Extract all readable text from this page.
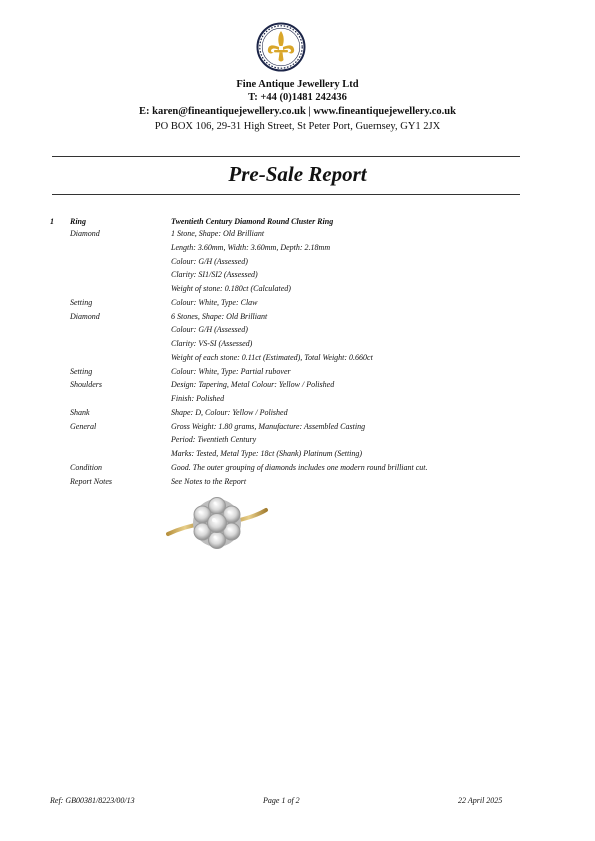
Fine Antique Jewellery Ltd
T: +44 (0)1481 242436
E: karen@fineantiquejewellery.co.uk | www.fineantiquejewellery.co.uk
PO BOX 106, 29-31 High Street, St Peter Port, Guernsey, GY1 2JX
Pre-Sale Report
1 Ring	Twentieth Century Diamond Round Cluster Ring
Diamond	1 Stone, Shape: Old Brilliant
Length: 3.60mm, Width: 3.60mm, Depth: 2.18mm
Colour: G/H (Assessed)
Clarity: SI1/SI2 (Assessed)
Weight of stone: 0.180ct (Calculated)
Setting	Colour: White, Type: Claw
Diamond	6 Stones, Shape: Old Brilliant
Colour: G/H (Assessed)
Clarity: VS-SI (Assessed)
Weight of each stone: 0.11ct (Estimated), Total Weight: 0.660ct
Setting	Colour: White, Type: Partial rubover
Shoulders	Design: Tapering, Metal Colour: Yellow / Polished
Finish: Polished
Shank	Shape: D, Colour: Yellow / Polished
General	Gross Weight: 1.80 grams, Manufacture: Assembled Casting
Period: Twentieth Century
Marks: Tested, Metal Type: 18ct (Shank) Platinum (Setting)
Condition	Good. The outer grouping of diamonds includes one modern round brilliant cut.
Report Notes	See Notes to the Report
Ref: GB00381/8223/00/13	Page 1 of 2	22 April 2025
